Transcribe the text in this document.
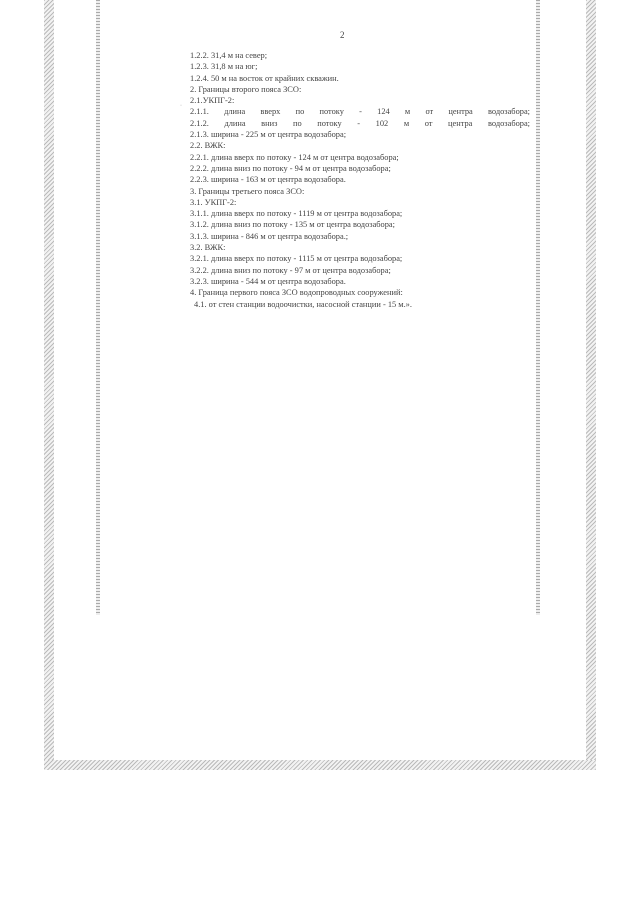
2
·
1.2.2. 31,4 м на север;
1.2.3. 31,8 м на юг;
1.2.4. 50 м на восток от крайних скважин.
2. Границы второго пояса ЗСО:
2.1.УКПГ-2:
2.1.1. длина вверх по потоку - 124 м от центра водозабора;
2.1.2. длина вниз по потоку - 102 м от центра водозабора;
2.1.3. ширина - 225 м от центра водозабора;
2.2. ВЖК:
2.2.1. длина вверх по потоку - 124 м от центра водозабора;
2.2.2. длина вниз по потоку - 94 м от центра водозабора;
2.2.3. ширина - 163 м от центра водозабора.
3. Границы третьего пояса ЗСО:
3.1. УКПГ-2:
3.1.1. длина вверх по потоку - 1119 м от центра водозабора;
3.1.2. длина вниз по потоку - 135 м от центра водозабора;
3.1.3. ширина - 846 м от центра водозабора.;
3.2. ВЖК:
3.2.1. длина вверх по потоку - 1115 м от центра водозабора;
3.2.2. длина вниз по потоку - 97 м от центра водозабора;
3.2.3. ширина - 544 м от центра водозабора.
4. Граница первого пояса ЗСО водопроводных сооружений:
4.1. от стен станции водоочистки, насосной станции - 15 м.».
